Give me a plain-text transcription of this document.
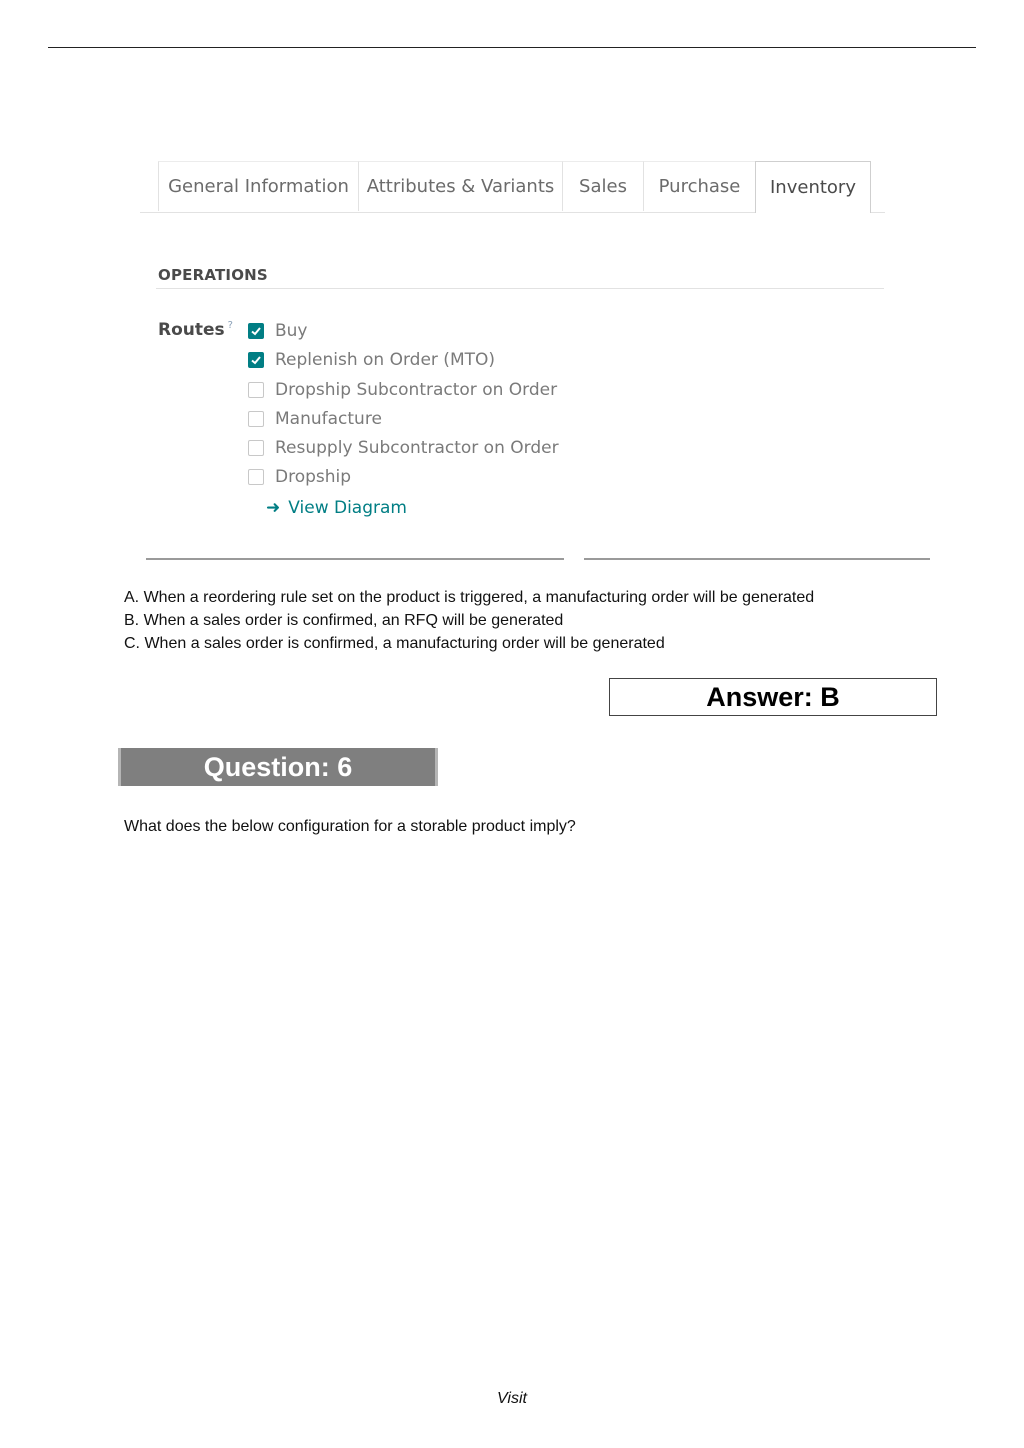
General Information Attributes & Variants	Sales	Purchase	Inventory
OPERATIONS
Routes ? Buy
Replenish on Order (MTO)
Dropship Subcontractor on Order
Manufacture
Resupply Subcontractor on Order
Dropship
➜ View Diagram
A. When a reordering rule set on the product is triggered, a manufacturing order will be generated
B. When a sales order is confirmed, an RFQ will be generated
C. When a sales order is confirmed, a manufacturing order will be generated
Answer: B
Question: 6
What does the below configuration for a storable product imply?
Visit
